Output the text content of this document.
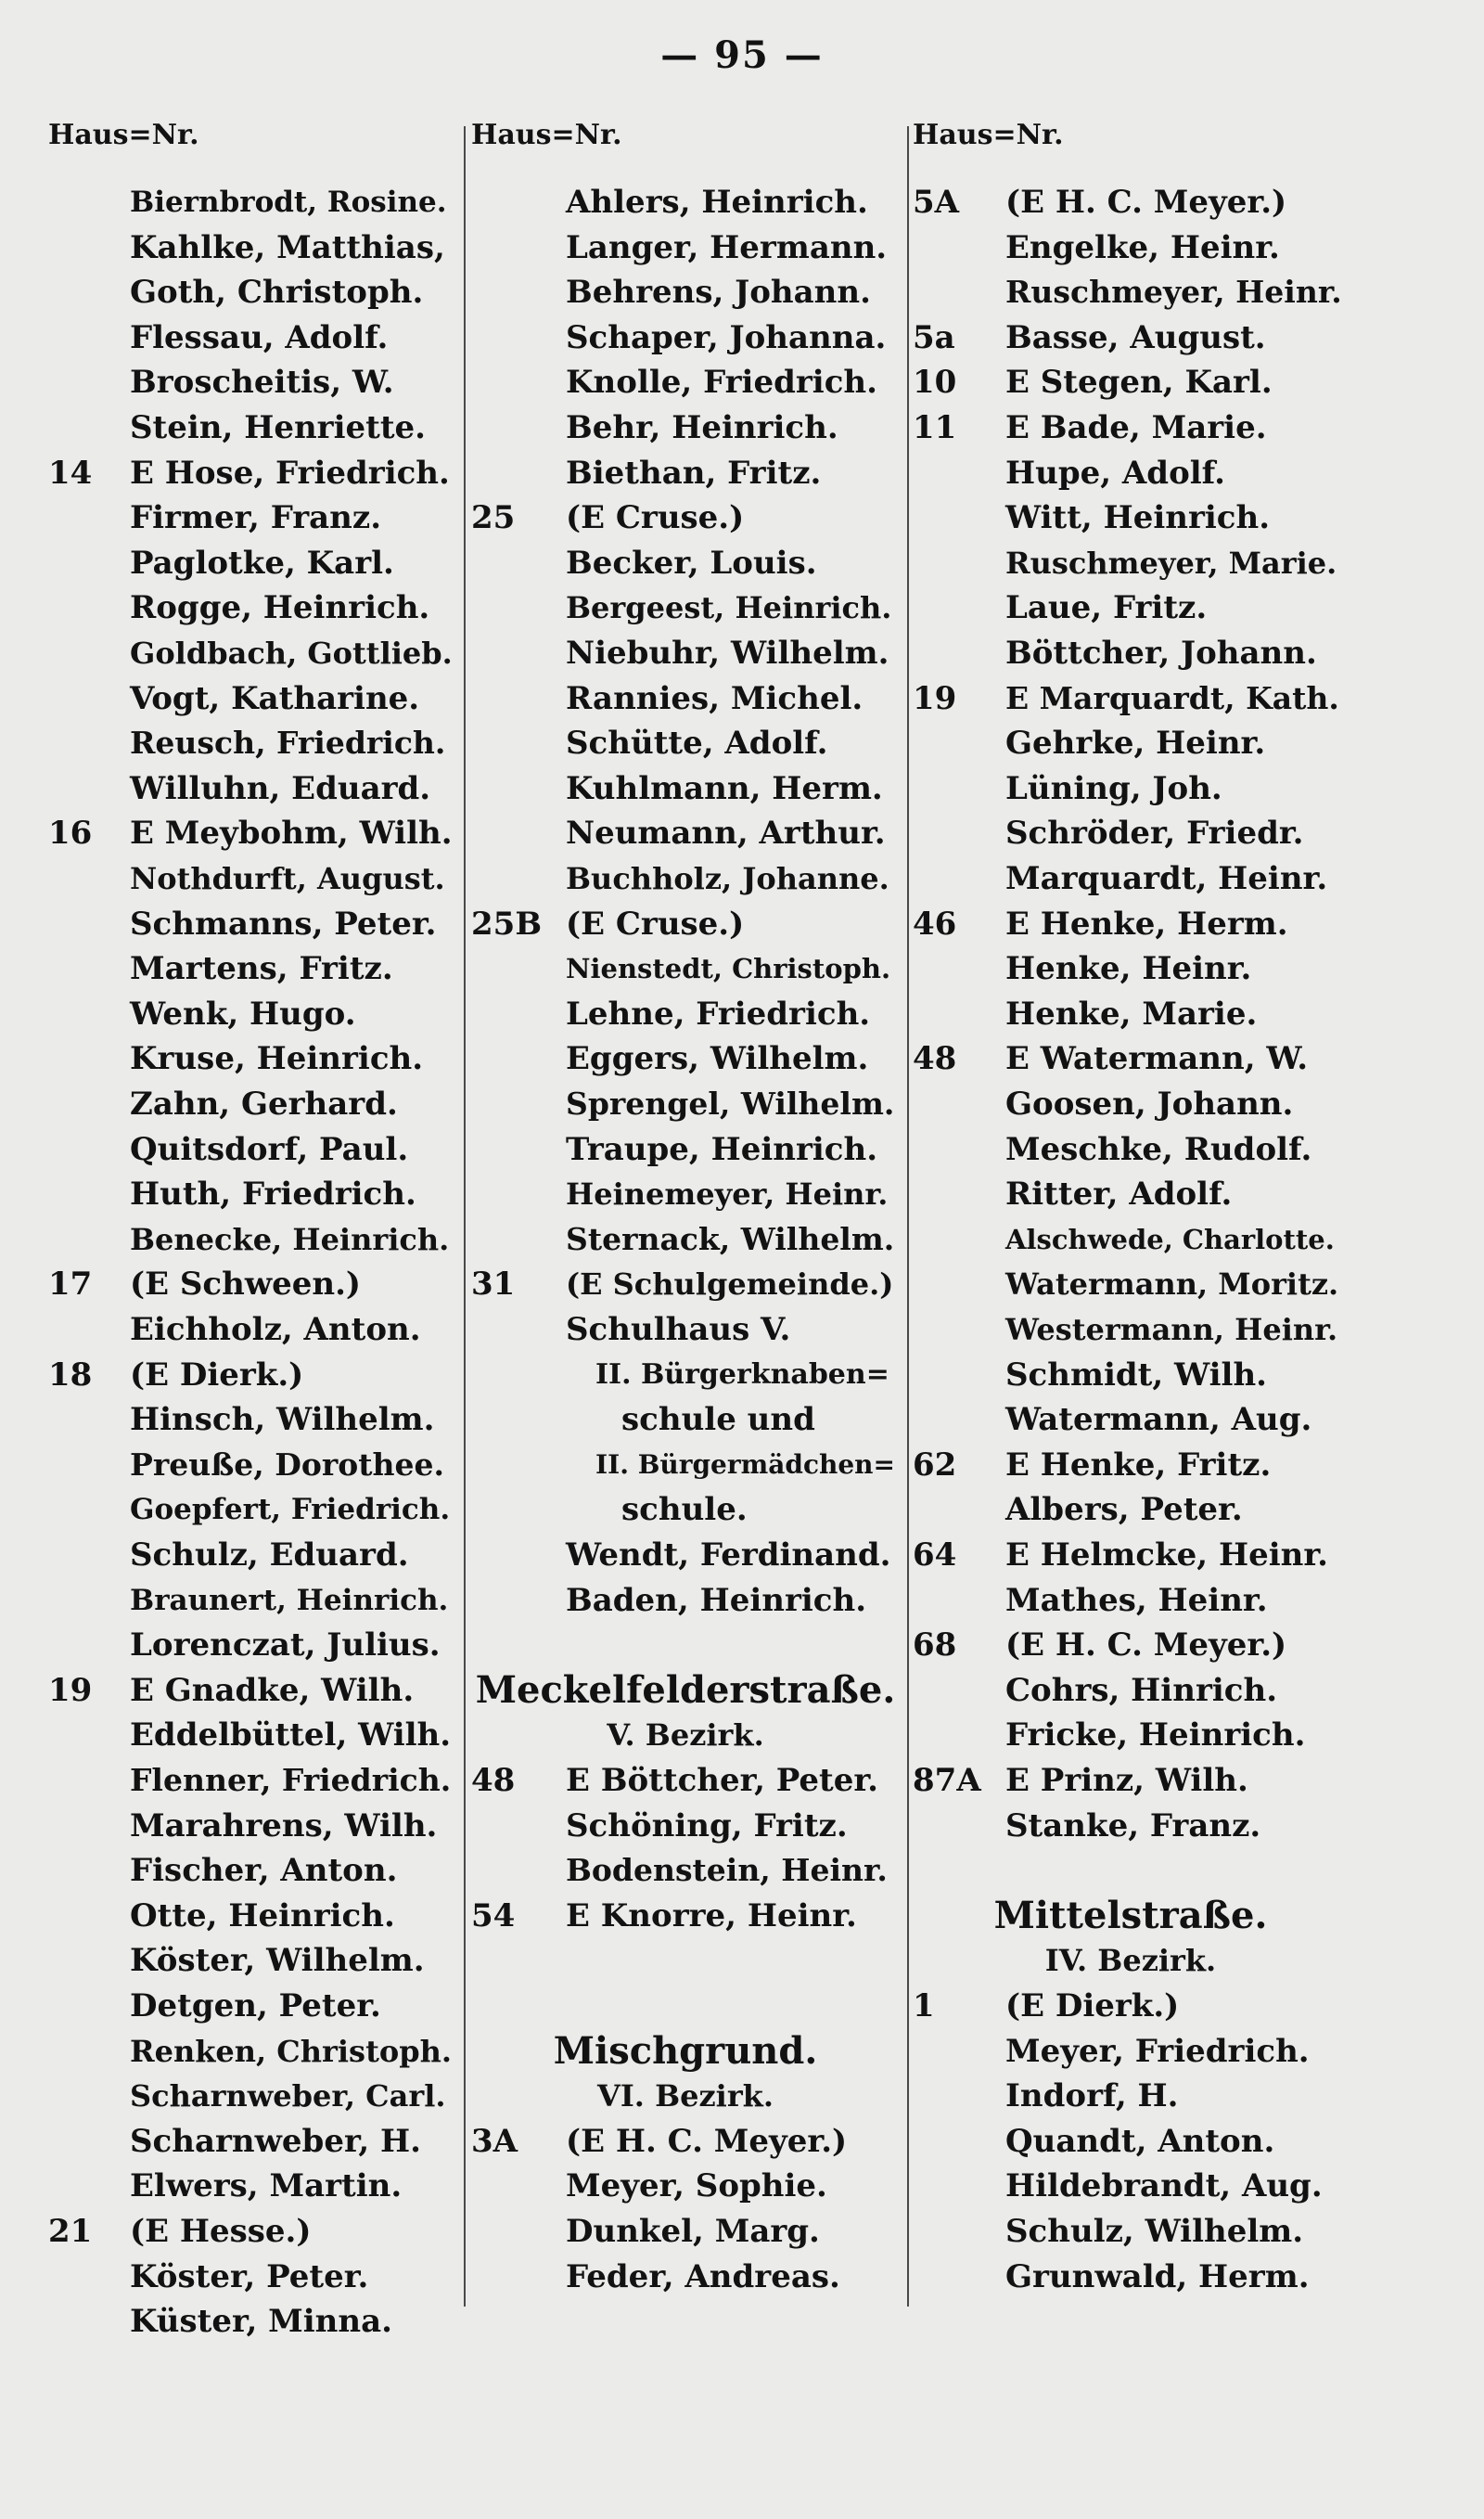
— 95 —
Haus=Nr.
Biernbrodt, Rosine.
Kahlke, Matthias,
Goth, Christoph.
Flessau, Adolf.
Broscheitis, W.
Stein, Henriette.
14	E Hose, Friedrich.
Firmer, Franz.
Paglotke, Karl.
Rogge, Heinrich.
Goldbach, Gottlieb.
Vogt, Katharine.
Reusch, Friedrich.
Willuhn, Eduard.
16	E Meybohm, Wilh.
Nothdurft, August.
Schmanns, Peter.
Martens, Fritz.
Wenk, Hugo.
Kruse, Heinrich.
Zahn, Gerhard.
Quitsdorf, Paul.
Huth, Friedrich.
Benecke, Heinrich.
17	(E Schween.)
Eichholz, Anton.
18	(E Dierk.)
Hinsch, Wilhelm.
Preuße, Dorothee.
Goepfert, Friedrich.
Schulz, Eduard.
Braunert, Heinrich.
Lorenczat, Julius.
19	E Gnadke, Wilh.
Eddelbüttel, Wilh.
Flenner, Friedrich.
Marahrens, Wilh.
Fischer, Anton.
Otte, Heinrich.
Köster, Wilhelm.
Detgen, Peter.
Renken, Christoph.
Scharnweber, Carl.
Scharnweber, H.
Elwers, Martin.
21	(E Hesse.)
Köster, Peter.
Küster, Minna.
Haus=Nr.
Ahlers, Heinrich.
Langer, Hermann.
Behrens, Johann.
Schaper, Johanna.
Knolle, Friedrich.
Behr, Heinrich.
Biethan, Fritz.
25	(E Cruse.)
Becker, Louis.
Bergeest, Heinrich.
Niebuhr, Wilhelm.
Rannies, Michel.
Schütte, Adolf.
Kuhlmann, Herm.
Neumann, Arthur.
Buchholz, Johanne.
25B (E Cruse.)
Nienstedt, Christoph.
Lehne, Friedrich.
Eggers, Wilhelm.
Sprengel, Wilhelm.
Traupe, Heinrich.
Heinemeyer, Heinr.
Sternack, Wilhelm.
31	(E Schulgemeinde.)
Schulhaus V.
II. Bürgerknaben=
schule und
II. Bürgermädchen=
schule.
Wendt, Ferdinand.
Baden, Heinrich.
Meckelfelderstraße.
V. Bezirk.
48	E Böttcher, Peter.
Schöning, Fritz.
Bodenstein, Heinr.
54	E Knorre, Heinr.
Mischgrund.
VI. Bezirk.
3A	(E H. C. Meyer.)
Meyer, Sophie.
Dunkel, Marg.
Feder, Andreas.
Haus=Nr.
5A	(E H. C. Meyer.)
Engelke, Heinr.
Ruschmeyer, Heinr.
5a	Basse, August.
10	E Stegen, Karl.
11	E Bade, Marie.
Hupe, Adolf.
Witt, Heinrich.
Ruschmeyer, Marie.
Laue, Fritz.
Böttcher, Johann.
19	E Marquardt, Kath.
Gehrke, Heinr.
Lüning, Joh.
Schröder, Friedr.
Marquardt, Heinr.
46	E Henke, Herm.
Henke, Heinr.
Henke, Marie.
48	E Watermann, W.
Goosen, Johann.
Meschke, Rudolf.
Ritter, Adolf.
Alschwede, Charlotte.
Watermann, Moritz.
Westermann, Heinr.
Schmidt, Wilh.
Watermann, Aug.
62	E Henke, Fritz.
Albers, Peter.
64	E Helmcke, Heinr.
Mathes, Heinr.
68	(E H. C. Meyer.)
Cohrs, Hinrich.
Fricke, Heinrich.
87A E Prinz, Wilh.
Stanke, Franz.
Mittelstraße.
IV. Bezirk.
1	(E Dierk.)
Meyer, Friedrich.
Indorf, H.
Quandt, Anton.
Hildebrandt, Aug.
Schulz, Wilhelm.
Grunwald, Herm.
